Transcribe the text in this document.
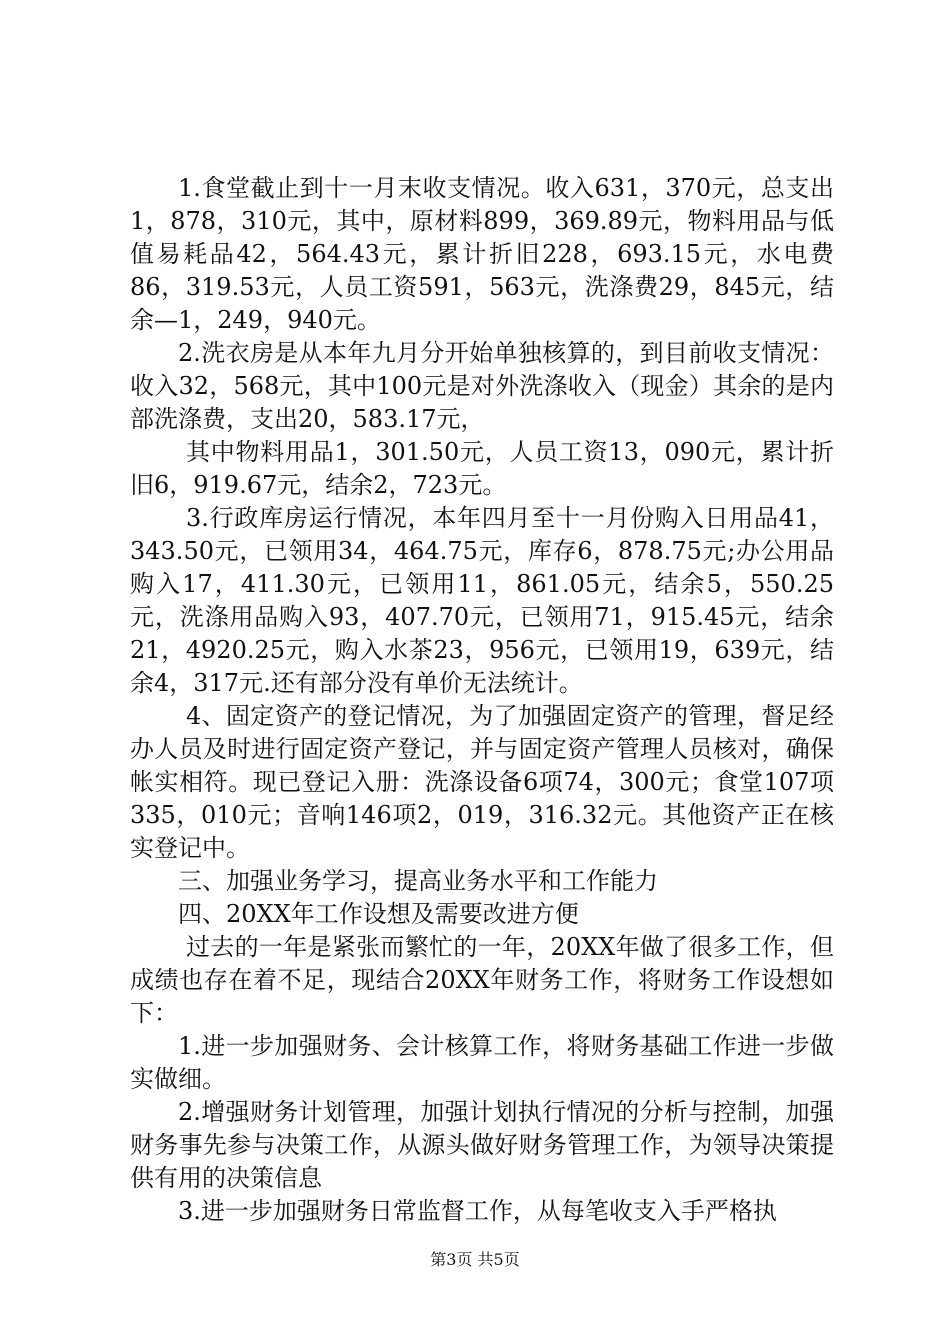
1.食堂截止到十一月末收支情况。收入631，370元，总支出1，878，310元，其中，原材料899，369.89元，物料用品与低值易耗品42，564.43元，累计折旧228，693.15元，水电费86，319.53元，人员工资591，563元，洗涤费29，845元，结余—1，249，940元。

2.洗衣房是从本年九月分开始单独核算的，到目前收支情况：收入32，568元，其中100元是对外洗涤收入（现金）其余的是内部洗涤费，支出20，583.17元，

其中物料用品1，301.50元，人员工资13，090元，累计折旧6，919.67元，结余2，723元。

3.行政库房运行情况，本年四月至十一月份购入日用品41，343.50元，已领用34，464.75元，库存6，878.75元;办公用品购入17，411.30元，已领用11，861.05元，结余5，550.25元，洗涤用品购入93，407.70元，已领用71，915.45元，结余21，4920.25元，购入水茶23，956元，已领用19，639元，结余4，317元.还有部分没有单价无法统计。

4、固定资产的登记情况，为了加强固定资产的管理，督足经办人员及时进行固定资产登记，并与固定资产管理人员核对，确保帐实相符。现已登记入册：洗涤设备6项74，300元；食堂107项335，010元；音响146项2，019，316.32元。其他资产正在核实登记中。

三、加强业务学习，提高业务水平和工作能力

四、20XX年工作设想及需要改进方便

过去的一年是紧张而繁忙的一年，20XX年做了很多工作，但成绩也存在着不足，现结合20XX年财务工作，将财务工作设想如下：

1.进一步加强财务、会计核算工作，将财务基础工作进一步做实做细。

2.增强财务计划管理，加强计划执行情况的分析与控制，加强财务事先参与决策工作，从源头做好财务管理工作，为领导决策提供有用的决策信息

3.进一步加强财务日常监督工作，从每笔收支入手严格执

第3页 共5页
